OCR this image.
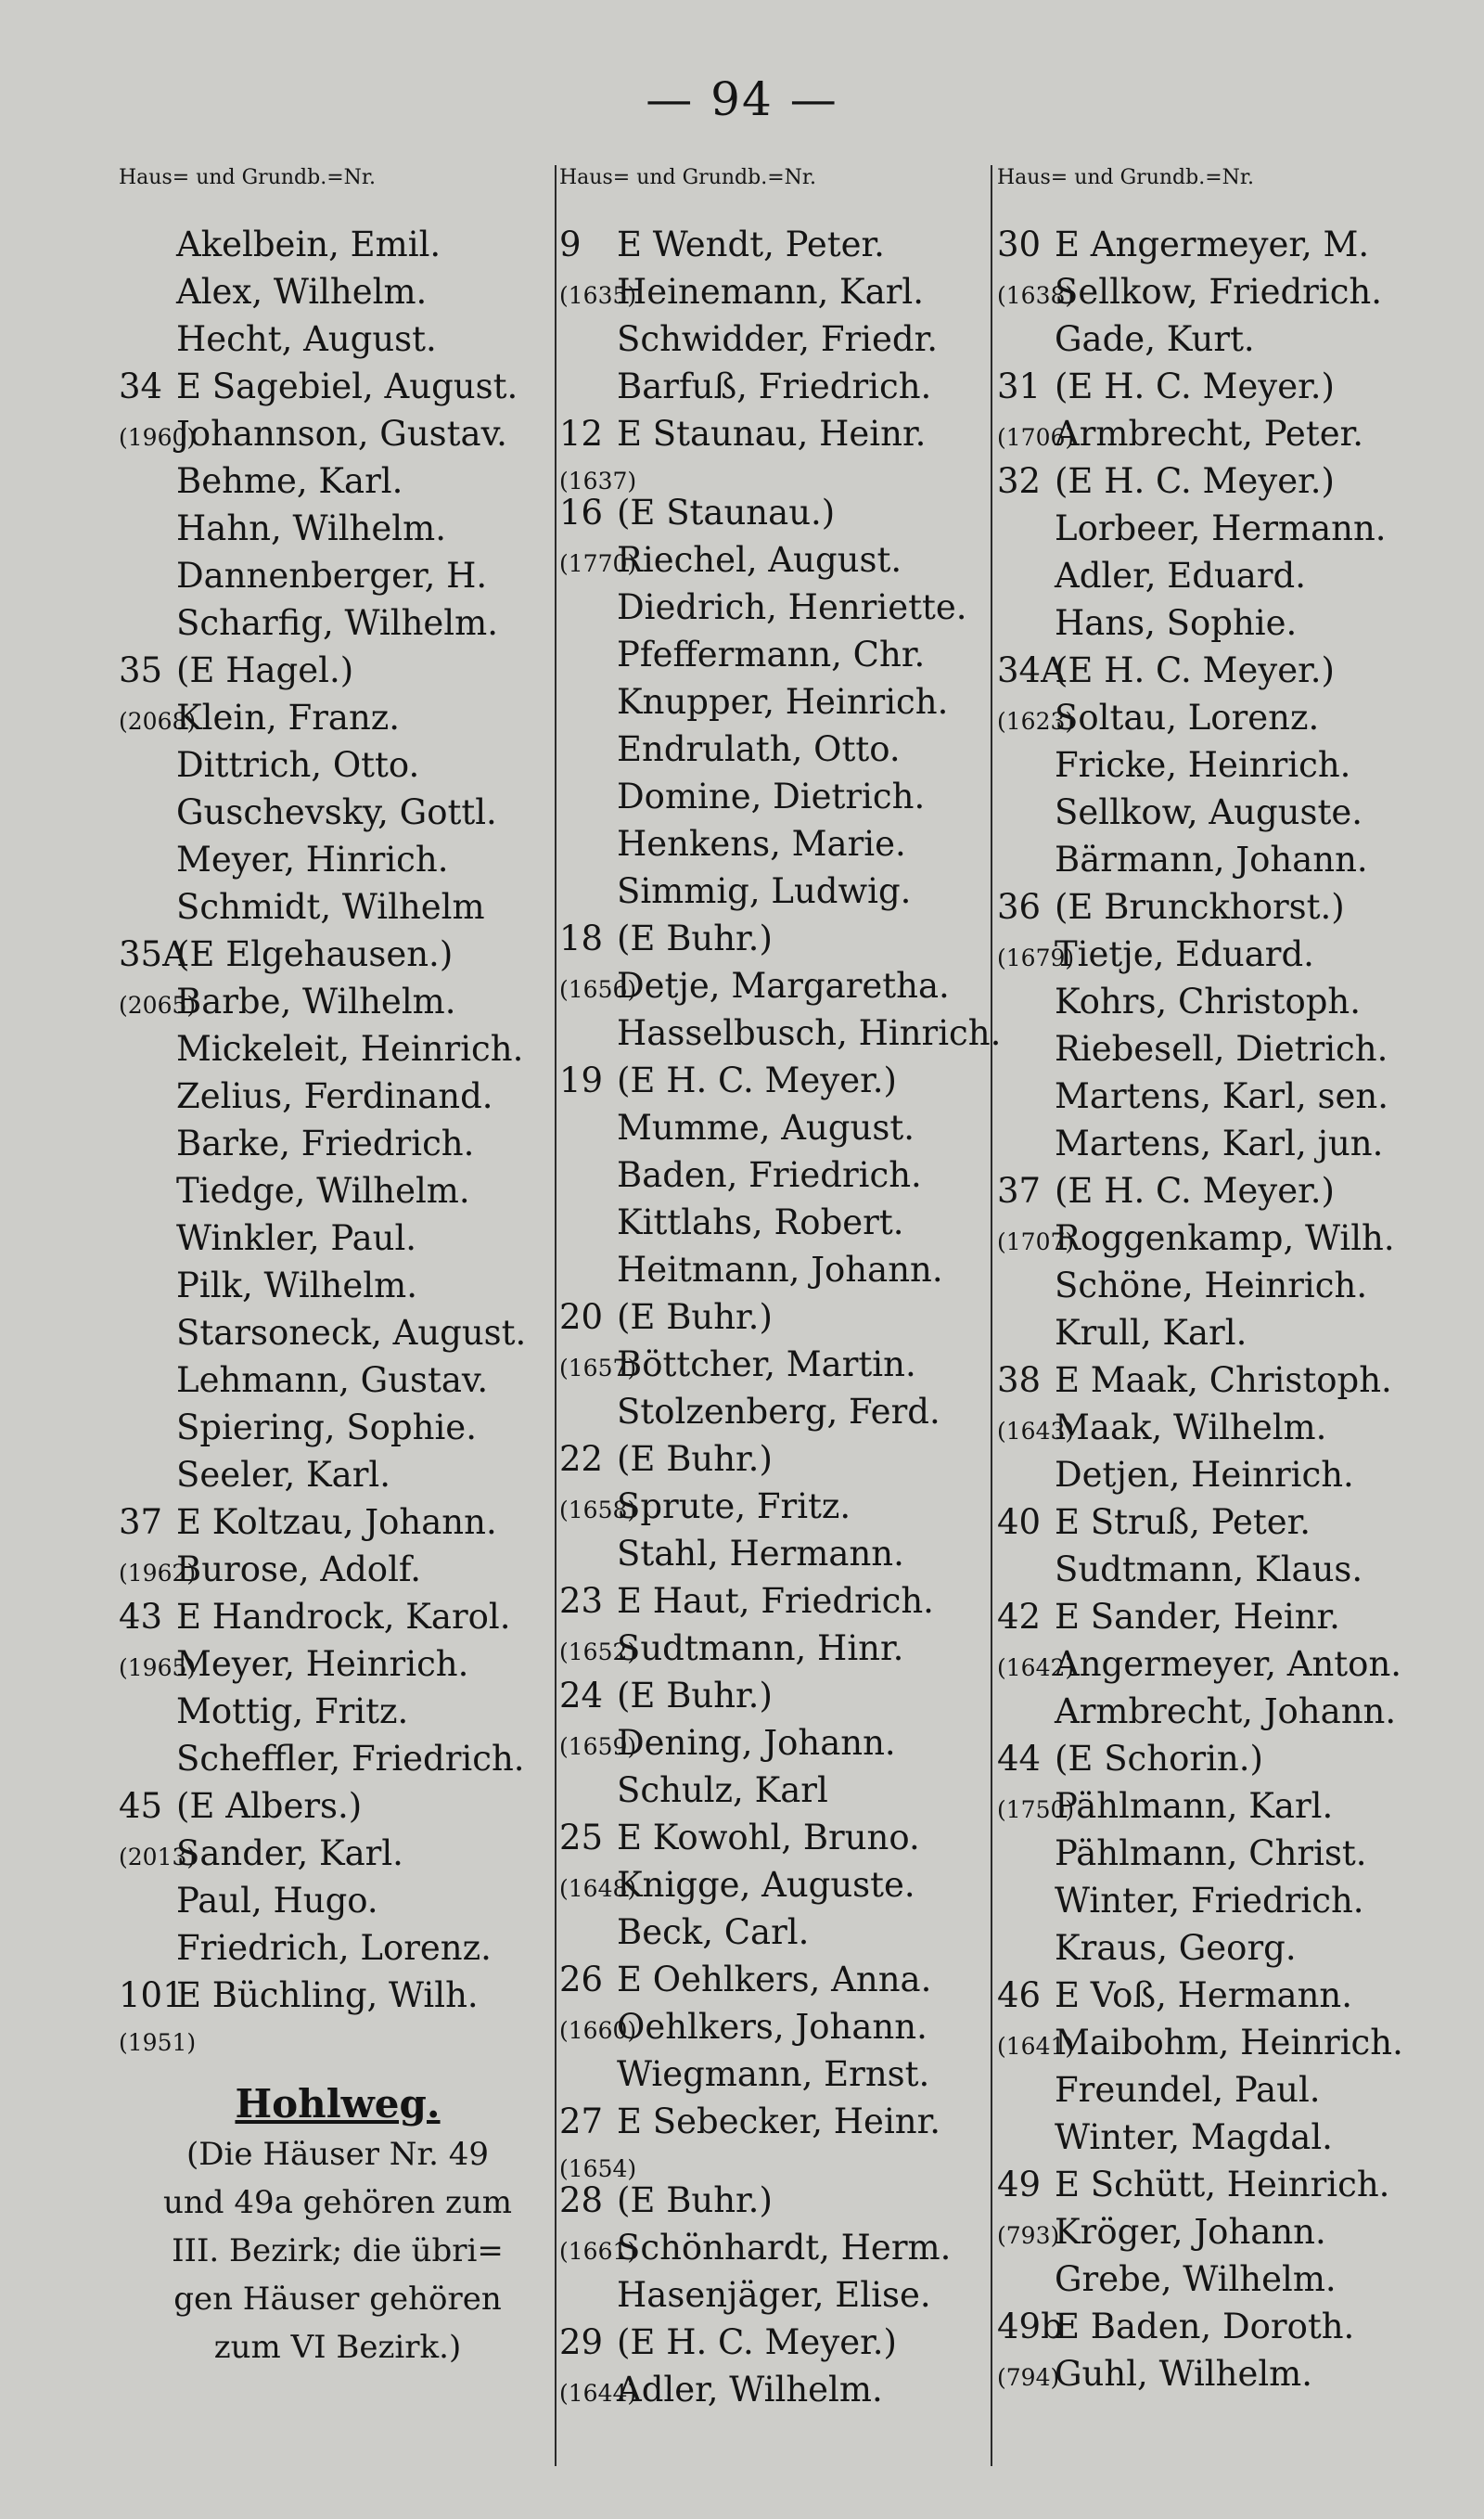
— 94 —
Haus= und Grundb.=Nr.
Akelbein, Emil.
Alex, Wilhelm.
Hecht, August.
34 E Sagebiel, August.
(1960)
Johannson, Gustav.
Behme, Karl.
Hahn, Wilhelm.
Dannenberger, H.
Scharfig, Wilhelm.
35 (E Hagel.)
(2068)
Klein, Franz.
Dittrich, Otto.
Guschevsky, Gottl.
Meyer, Hinrich.
Schmidt, Wilhelm
35A
(E Elgehausen.)
(2065)
Barbe, Wilhelm.
Mickeleit, Heinrich.
Zelius, Ferdinand.
Barke, Friedrich.
Tiedge, Wilhelm.
Winkler, Paul.
Pilk, Wilhelm.
Starsoneck, August.
Lehmann, Gustav.
Spiering, Sophie.
Seeler, Karl.
37 E Koltzau, Johann.
(1962)
Burose, Adolf.
43 E Handrock, Karol.
(1965)
Meyer, Heinrich.
Mottig, Fritz.
Scheffler, Friedrich.
45 (E Albers.)
(2013)
Sander, Karl.
Paul, Hugo.
Friedrich, Lorenz.
101
E Büchling, Wilh.
(1951)
Hohlweg.
(Die Häuser Nr. 49
und 49a gehören zum
III. Bezirk; die übri=
gen Häuser gehören
zum VI Bezirk.)
Haus= und Grundb.=Nr.
9	E Wendt, Peter.
(1635)
Heinemann, Karl.
Schwidder, Friedr.
Barfuß, Friedrich.
12 E Staunau, Heinr.
(1637)
16 (E Staunau.)
(1770)
Riechel, August.
Diedrich, Henriette.
Pfeffermann, Chr.
Knupper, Heinrich.
Endrulath, Otto.
Domine, Dietrich.
Henkens, Marie.
Simmig, Ludwig.
18 (E Buhr.)
(1656)
Detje, Margaretha.
Hasselbusch, Hinrich.
19 (E H. C. Meyer.)
Mumme, August.
Baden, Friedrich.
Kittlahs, Robert.
Heitmann, Johann.
20 (E Buhr.)
(1657)
Böttcher, Martin.
Stolzenberg, Ferd.
22 (E Buhr.)
(1658)
Sprute, Fritz.
Stahl, Hermann.
23 E Haut, Friedrich.
(1652)
Sudtmann, Hinr.
24 (E Buhr.)
(1659)
Dening, Johann.
Schulz, Karl
25 E Kowohl, Bruno.
(1648)
Knigge, Auguste.
Beck, Carl.
26 E Oehlkers, Anna.
(1660)
Oehlkers, Johann.
Wiegmann, Ernst.
27 E Sebecker, Heinr.
(1654)
28 (E Buhr.)
(1661)
Schönhardt, Herm.
Hasenjäger, Elise.
29 (E H. C. Meyer.)
(1644)
Adler, Wilhelm.
Haus= und Grundb.=Nr.
30 E Angermeyer, M.
(1638)
Sellkow, Friedrich.
Gade, Kurt.
31 (E H. C. Meyer.)
(1706)
Armbrecht, Peter.
32 (E H. C. Meyer.)
Lorbeer, Hermann.
Adler, Eduard.
Hans, Sophie.
34A
(E H. C. Meyer.)
(1623)
Soltau, Lorenz.
Fricke, Heinrich.
Sellkow, Auguste.
Bärmann, Johann.
36 (E Brunckhorst.)
(1679)
Tietje, Eduard.
Kohrs, Christoph.
Riebesell, Dietrich.
Martens, Karl, sen.
Martens, Karl, jun.
37 (E H. C. Meyer.)
(1707)
Roggenkamp, Wilh.
Schöne, Heinrich.
Krull, Karl.
38 E Maak, Christoph.
(1643)
Maak, Wilhelm.
Detjen, Heinrich.
40 E Struß, Peter.
Sudtmann, Klaus.
42 E Sander, Heinr.
(1642)
Angermeyer, Anton.
Armbrecht, Johann.
44 (E Schorin.)
(1750)
Pählmann, Karl.
Pählmann, Christ.
Winter, Friedrich.
Kraus, Georg.
46 E Voß, Hermann.
(1641)
Maibohm, Heinrich.
Freundel, Paul.
Winter, Magdal.
49 E Schütt, Heinrich.
(793)
Kröger, Johann.
Grebe, Wilhelm.
49b
E Baden, Doroth.
(794)
Guhl, Wilhelm.
